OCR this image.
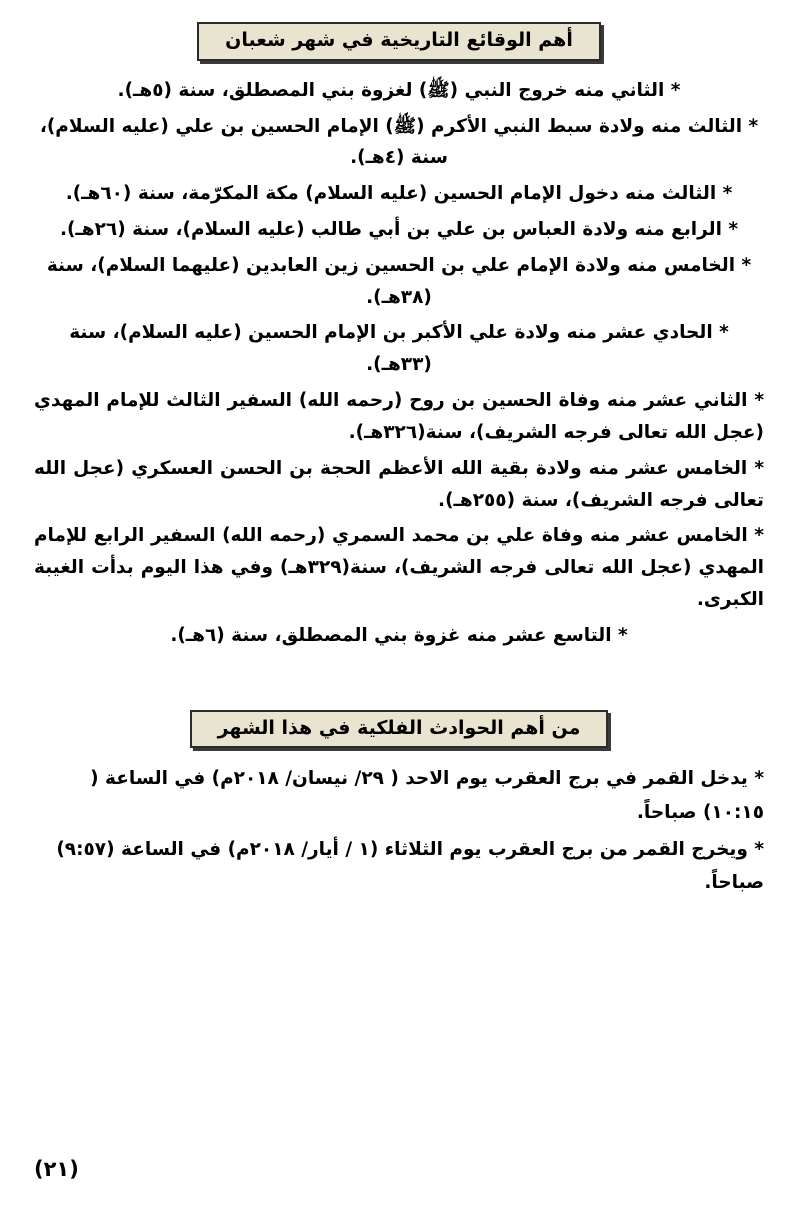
أهم الوقائع التاريخية في شهر شعبان

* الثاني منه خروج النبي (ﷺ) لغزوة بني المصطلق، سنة (٥هـ).

* الثالث منه ولادة سبط النبي الأكرم (ﷺ) الإمام الحسين بن علي (عليه السلام)، سنة (٤هـ).

* الثالث منه دخول الإمام الحسين (عليه السلام) مكة المكرّمة، سنة (٦٠هـ).

* الرابع منه ولادة العباس بن علي بن أبي طالب (عليه السلام)، سنة (٢٦هـ).

* الخامس منه ولادة الإمام علي بن الحسين زين العابدين (عليهما السلام)، سنة (٣٨هـ).

* الحادي عشر منه ولادة علي الأكبر بن الإمام الحسين (عليه السلام)، سنة (٣٣هـ).

* الثاني عشر منه وفاة الحسين بن روح (رحمه الله) السفير الثالث للإمام المهدي (عجل الله تعالى فرجه الشريف)، سنة(٣٢٦هـ).

* الخامس عشر منه ولادة بقية الله الأعظم الحجة بن الحسن العسكري (عجل الله تعالى فرجه الشريف)، سنة (٢٥٥هـ).

* الخامس عشر منه وفاة علي بن محمد السمري (رحمه الله) السفير الرابع للإمام المهدي (عجل الله تعالى فرجه الشريف)، سنة(٣٢٩هـ) وفي هذا اليوم بدأت الغيبة الكبرى.

* التاسع عشر منه غزوة بني المصطلق، سنة (٦هـ).

من أهم الحوادث الفلكية في هذا الشهر

* يدخل القمر في برج العقرب يوم الاحد ( ٢٩/ نيسان/ ٢٠١٨م) في الساعة ( ١٠:١٥) صباحاً.

* ويخرج القمر من برج العقرب يوم الثلاثاء (١ / أيار/ ٢٠١٨م) في الساعة (٩:٥٧) صباحاً.

(٢١)
